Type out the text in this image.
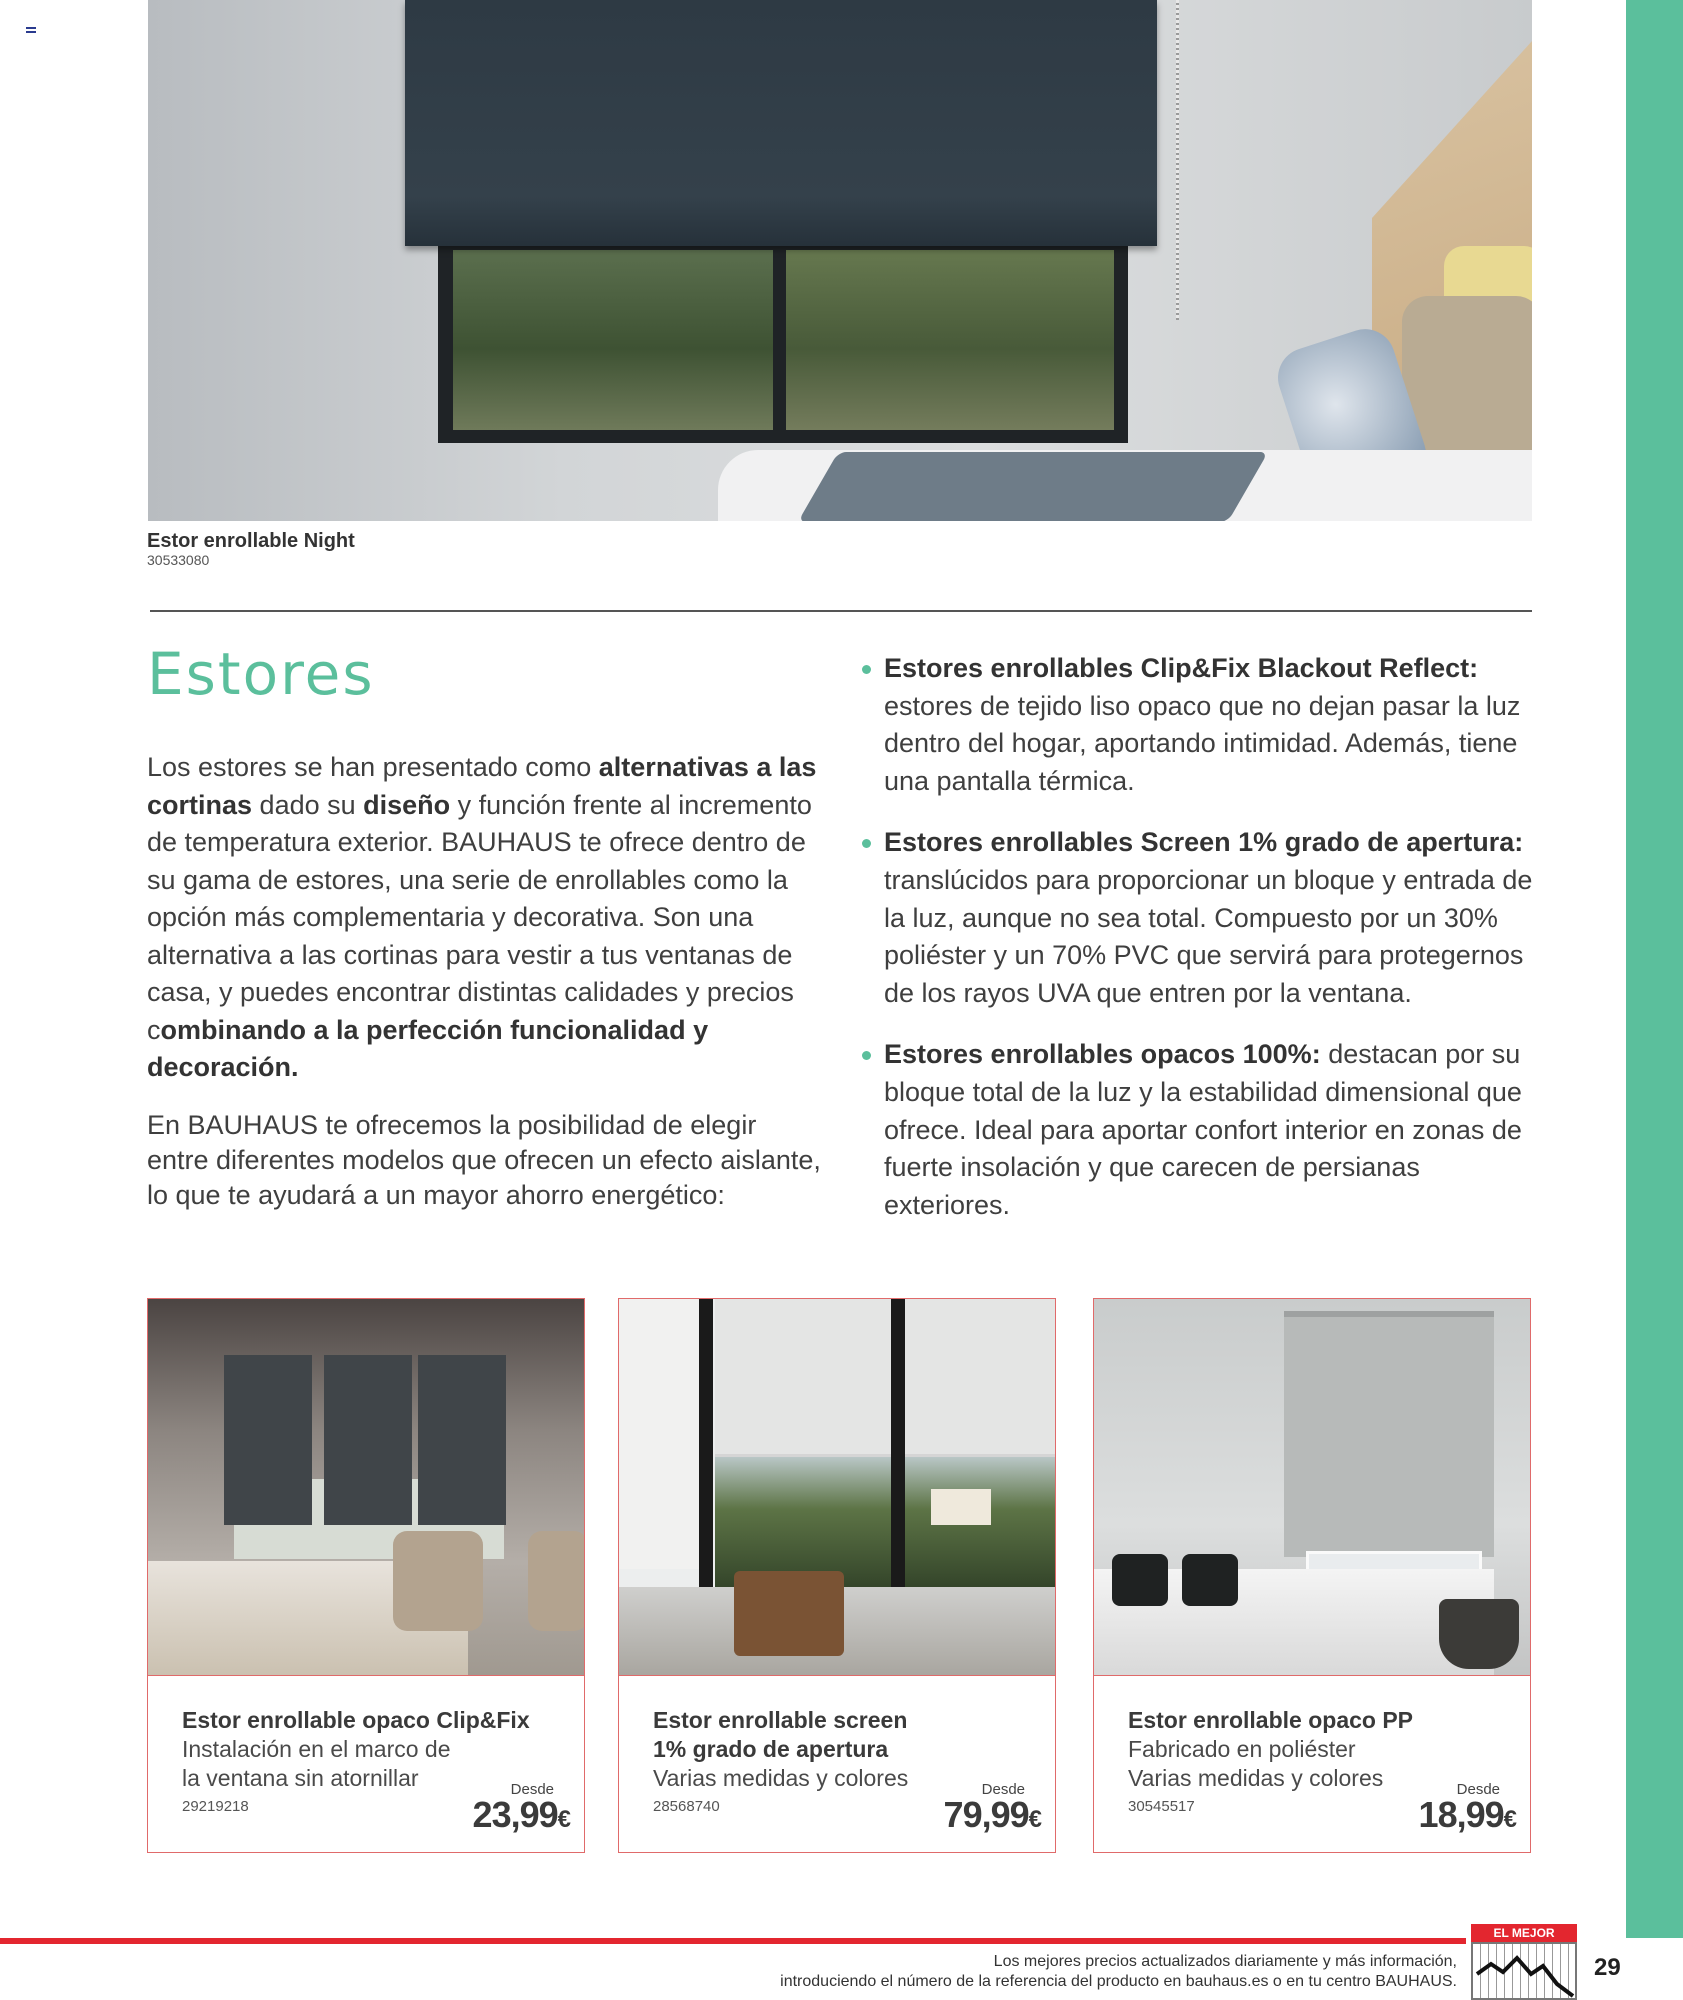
Estor enrollable Night
30533080
Estores
Los estores se han presentado como alternativas a las cortinas dado su diseño y función frente al incremento de temperatura exterior. BAUHAUS te ofrece dentro de su gama de estores, una serie de enrollables como la opción más complementaria y decorativa. Son una alternativa a las cortinas para vestir a tus ventanas de casa, y puedes encontrar distintas calidades y precios combinando a la perfección funcionalidad y decoración.
En BAUHAUS te ofrecemos la posibilidad de elegir entre diferentes modelos que ofrecen un efecto aislante, lo que te ayudará a un mayor ahorro energético:
Estores enrollables Clip&Fix Blackout Reflect: estores de tejido liso opaco que no dejan pasar la luz dentro del hogar, aportando intimidad. Además, tiene una pantalla térmica.
Estores enrollables Screen 1% grado de apertura: translúcidos para proporcionar un bloque y entrada de la luz, aunque no sea total. Compuesto por un 30% poliéster y un 70% PVC que servirá para protegernos de los rayos UVA que entren por la ventana.
Estores enrollables opacos 100%: destacan por su bloque total de la luz y la estabilidad dimensional que ofrece. Ideal para aportar confort interior en zonas de fuerte insolación y que carecen de persianas exteriores.
Estor enrollable opaco Clip&Fix
Instalación en el marco de
la ventana sin atornillar
29219218
Desde
23,99€
Estor enrollable screen
1% grado de apertura
Varias medidas y colores
28568740
Desde
79,99€
Estor enrollable opaco PP
Fabricado en poliéster
Varias medidas y colores
30545517
Desde
18,99€
Los mejores precios actualizados diariamente y más información,
introduciendo el número de la referencia del producto en bauhaus.es o en tu centro BAUHAUS.
EL MEJOR
29
